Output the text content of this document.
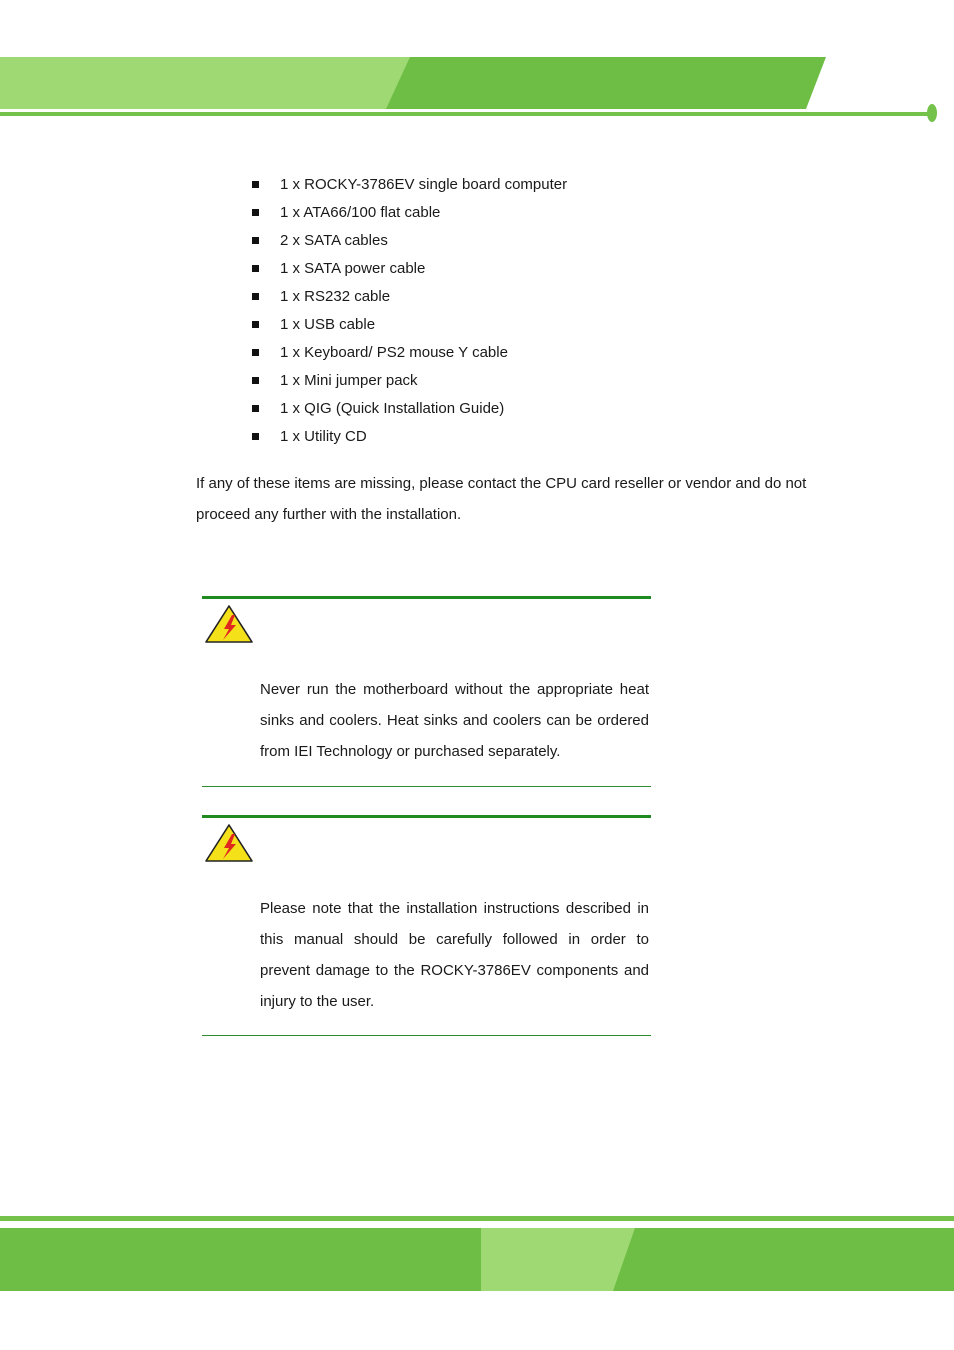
1 x ROCKY-3786EV single board computer
1 x ATA66/100 flat cable
2 x SATA cables
1 x SATA power cable
1 x RS232 cable
1 x USB cable
1 x Keyboard/ PS2 mouse Y cable
1 x Mini jumper pack
1 x QIG (Quick Installation Guide)
1 x Utility CD

If any of these items are missing, please contact the CPU card reseller or vendor and do not proceed any further with the installation.

Never run the motherboard without the appropriate heat sinks and coolers. Heat sinks and coolers can be ordered from IEI Technology or purchased separately.

Please note that the installation instructions described in this manual should be carefully followed in order to prevent damage to the ROCKY-3786EV components and injury to the user.
